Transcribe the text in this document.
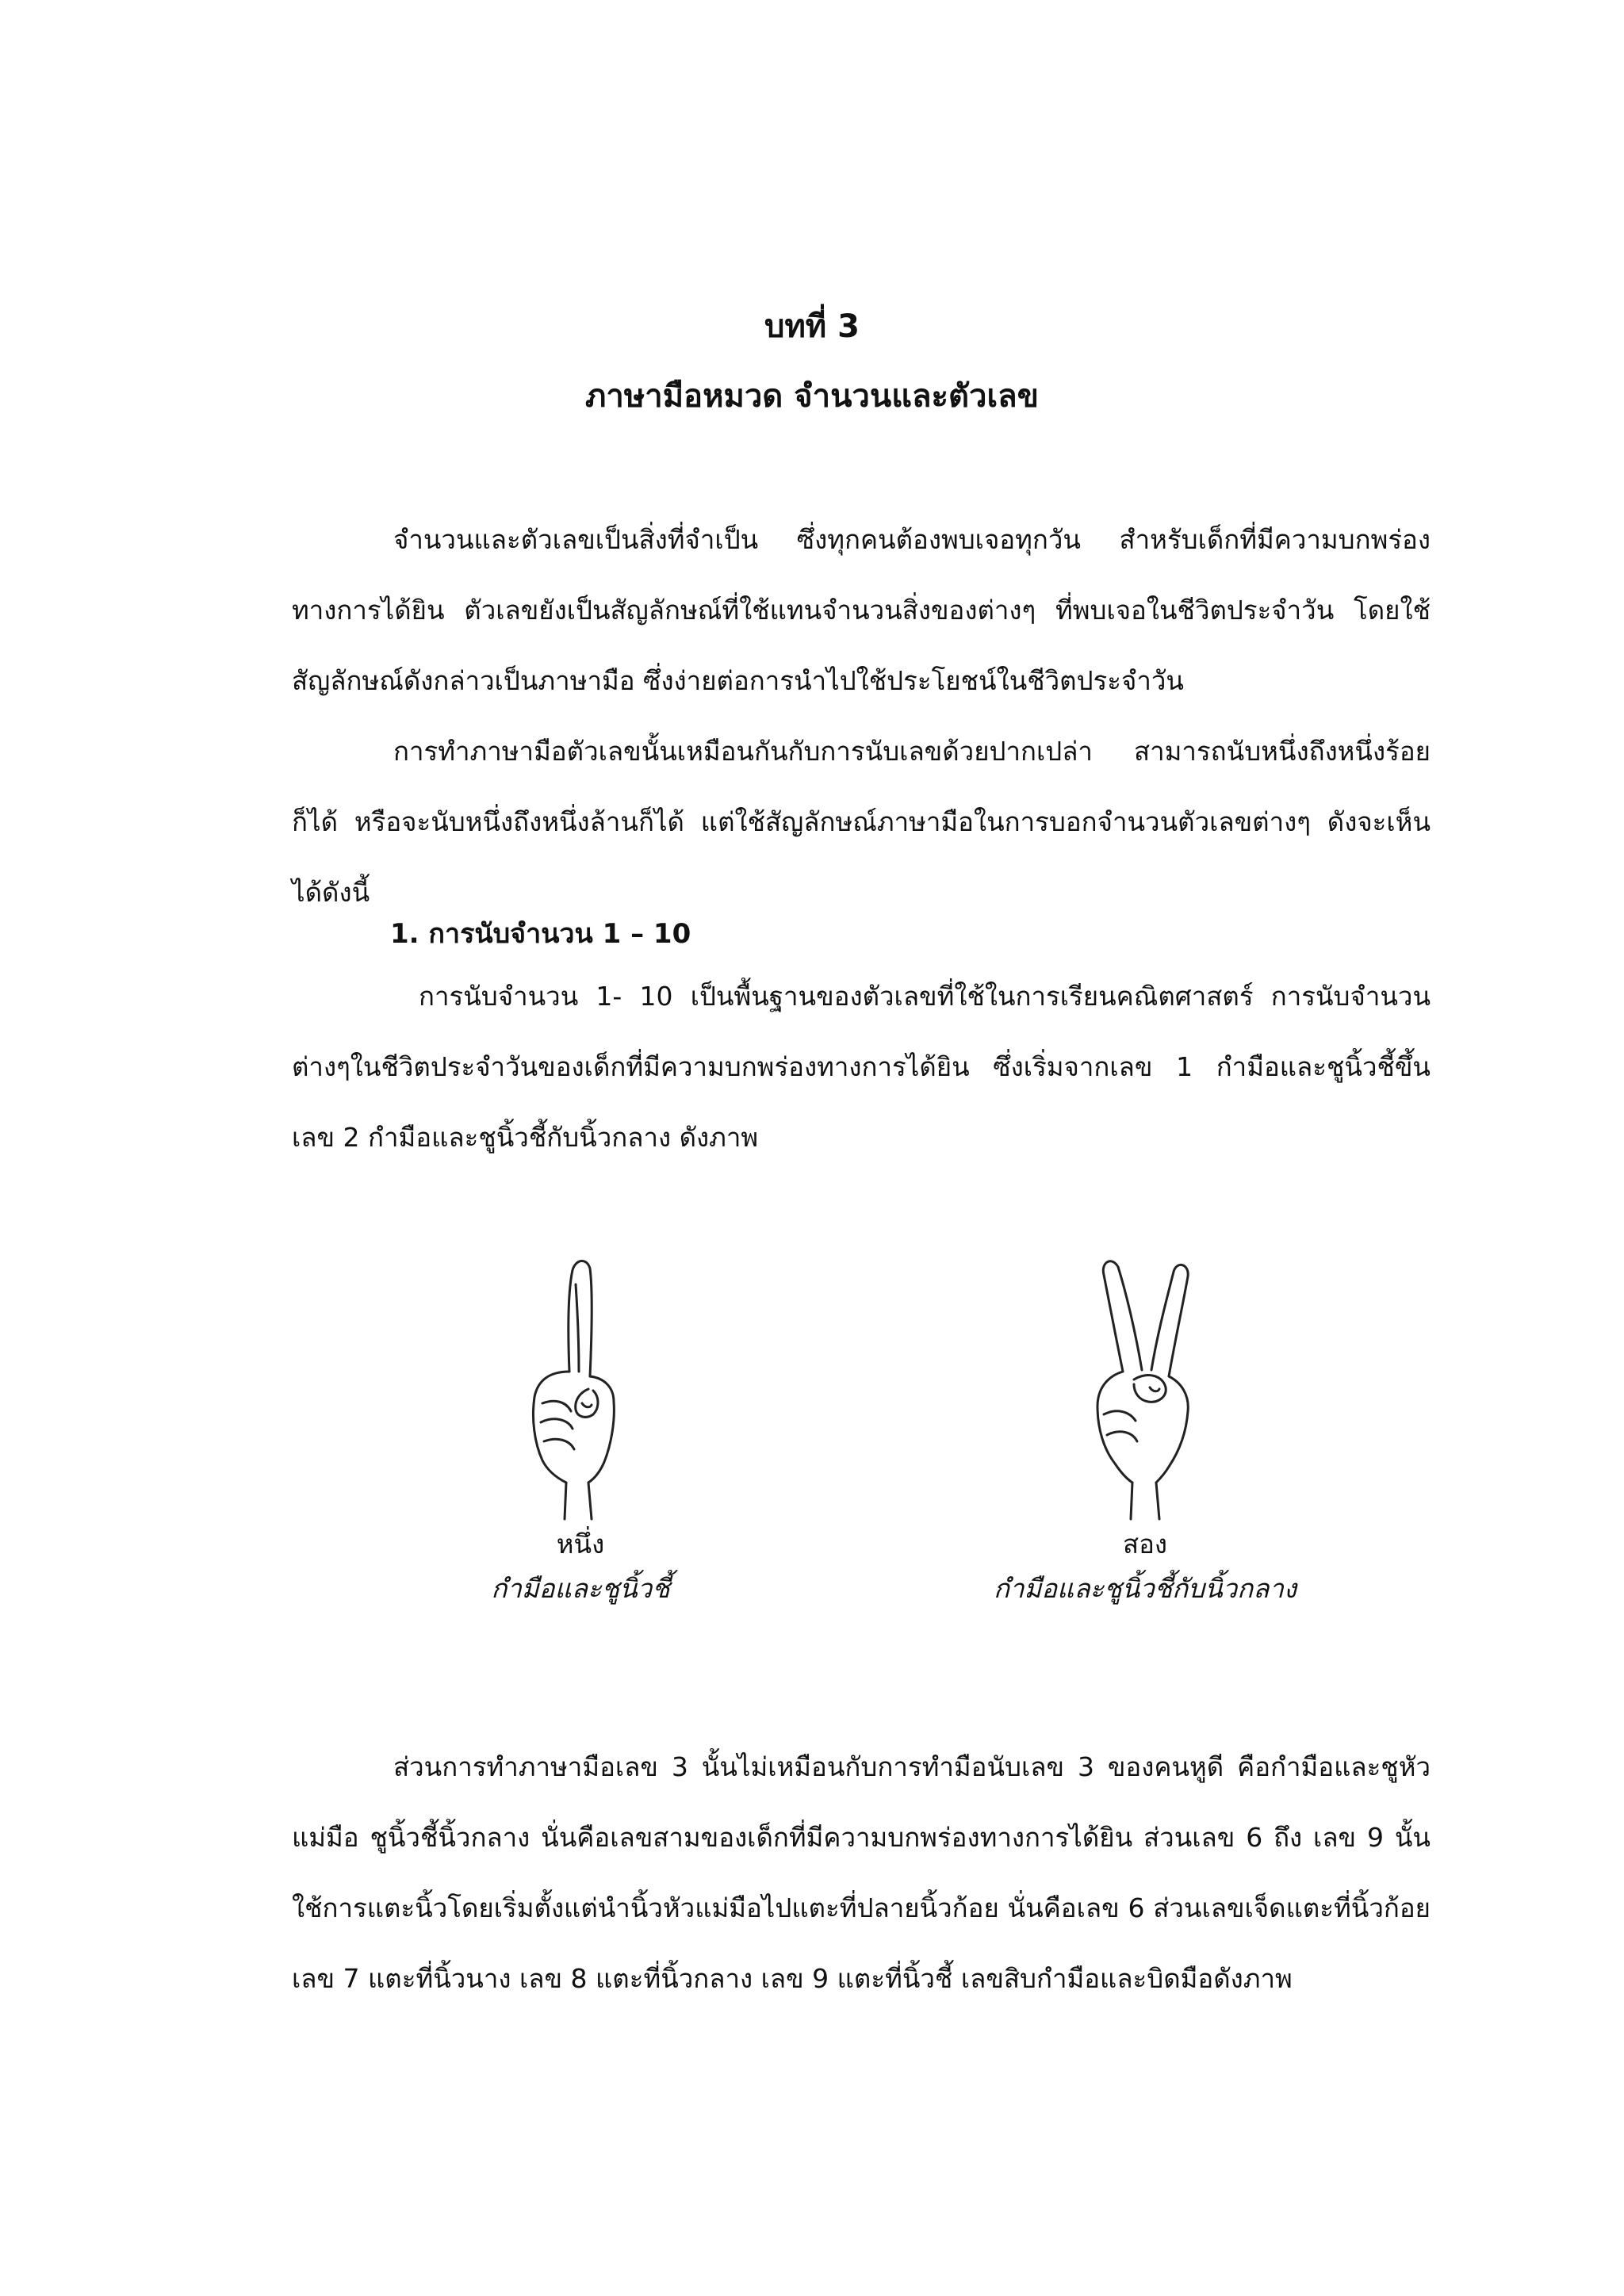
บทที่ 3
ภาษามือหมวด จำนวนและตัวเลข

จำนวนและตัวเลขเป็นสิ่งที่จำเป็น ซึ่งทุกคนต้องพบเจอทุกวัน สำหรับเด็กที่มีความบกพร่องทางการได้ยิน ตัวเลขยังเป็นสัญลักษณ์ที่ใช้แทนจำนวนสิ่งของต่างๆ ที่พบเจอในชีวิตประจำวัน โดยใช้สัญลักษณ์ดังกล่าวเป็นภาษามือ ซึ่งง่ายต่อการนำไปใช้ประโยชน์ในชีวิตประจำวัน

การทำภาษามือตัวเลขนั้นเหมือนกันกับการนับเลขด้วยปากเปล่า สามารถนับหนึ่งถึงหนึ่งร้อยก็ได้ หรือจะนับหนึ่งถึงหนึ่งล้านก็ได้ แต่ใช้สัญลักษณ์ภาษามือในการบอกจำนวนตัวเลขต่างๆ ดังจะเห็นได้ดังนี้

1. การนับจำนวน 1 – 10

การนับจำนวน 1- 10 เป็นพื้นฐานของตัวเลขที่ใช้ในการเรียนคณิตศาสตร์ การนับจำนวนต่างๆในชีวิตประจำวันของเด็กที่มีความบกพร่องทางการได้ยิน ซึ่งเริ่มจากเลข 1 กำมือและชูนิ้วชี้ขึ้น เลข 2 กำมือและชูนิ้วชี้กับนิ้วกลาง ดังภาพ

หนึ่ง

กำมือและชูนิ้วชี้

สอง

กำมือและชูนิ้วชี้กับนิ้วกลาง

ส่วนการทำภาษามือเลข 3 นั้นไม่เหมือนกับการทำมือนับเลข 3 ของคนหูดี คือกำมือและชูหัวแม่มือ ชูนิ้วชี้นิ้วกลาง นั่นคือเลขสามของเด็กที่มีความบกพร่องทางการได้ยิน ส่วนเลข 6 ถึง เลข 9 นั้นใช้การแตะนิ้วโดยเริ่มตั้งแต่นำนิ้วหัวแม่มือไปแตะที่ปลายนิ้วก้อย นั่นคือเลข 6 ส่วนเลขเจ็ดแตะที่นิ้วก้อย เลข 7 แตะที่นิ้วนาง เลข 8 แตะที่นิ้วกลาง เลข 9 แตะที่นิ้วชี้ เลขสิบกำมือและบิดมือดังภาพ
